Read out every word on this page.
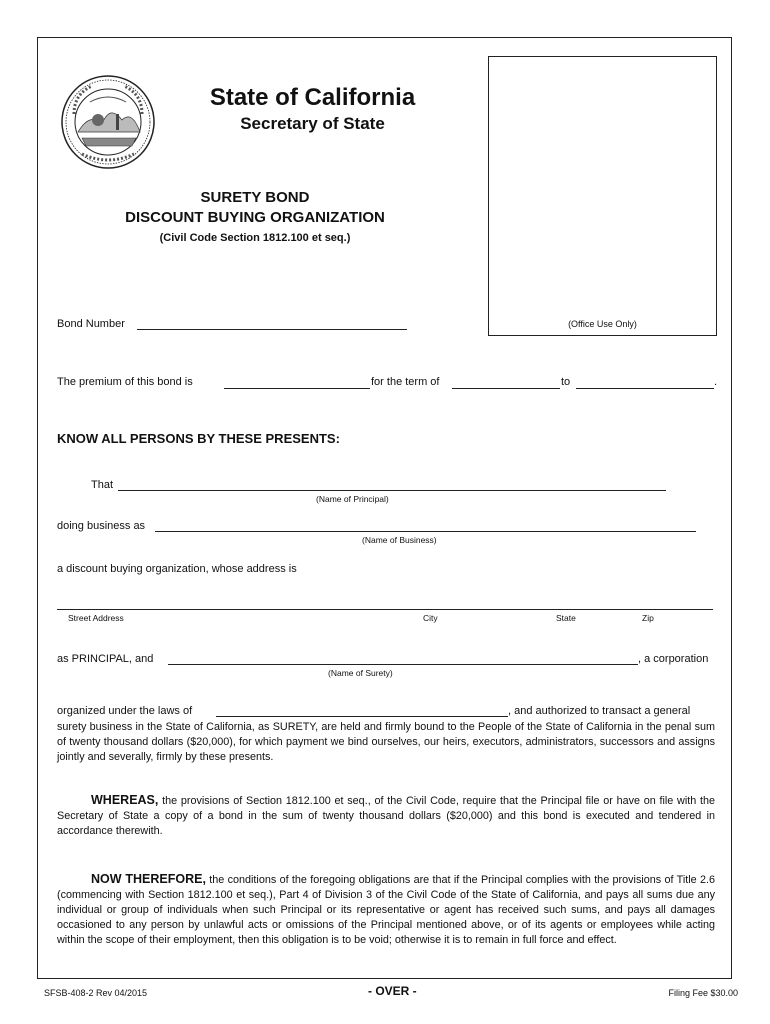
State of California
Secretary of State
SURETY BOND
DISCOUNT BUYING ORGANIZATION
(Civil Code Section 1812.100 et seq.)
(Office Use Only)
Bond Number
The premium of this bond is	for the term of	to	.
KNOW ALL PERSONS BY THESE PRESENTS:
That
(Name of Principal)
doing business as
(Name of Business)
a discount buying organization, whose address is
Street Address	City	State	Zip
as PRINCIPAL, and	, a corporation
(Name of Surety)
organized under the laws of	, and authorized to transact a general
surety business in the State of California, as SURETY, are held and firmly bound to the People of the State of California in the penal sum of twenty thousand dollars ($20,000), for which payment we bind ourselves, our heirs, executors, administrators, successors and assigns jointly and severally, firmly by these presents.
WHEREAS, the provisions of Section 1812.100 et seq., of the Civil Code, require that the Principal file or have on file with the Secretary of State a copy of a bond in the sum of twenty thousand dollars ($20,000) and this bond is executed and tendered in accordance therewith.
NOW THEREFORE, the conditions of the foregoing obligations are that if the Principal complies with the provisions of Title 2.6 (commencing with Section 1812.100 et seq.), Part 4 of Division 3 of the Civil Code of the State of California, and pays all sums due any individual or group of individuals when such Principal or its representative or agent has received such sums, and pays all damages occasioned to any person by unlawful acts or omissions of the Principal mentioned above, or of its agents or employees while acting within the scope of their employment, then this obligation is to be void; otherwise it is to remain in full force and effect.
SFSB-408-2 Rev 04/2015	- OVER -	Filing Fee $30.00
